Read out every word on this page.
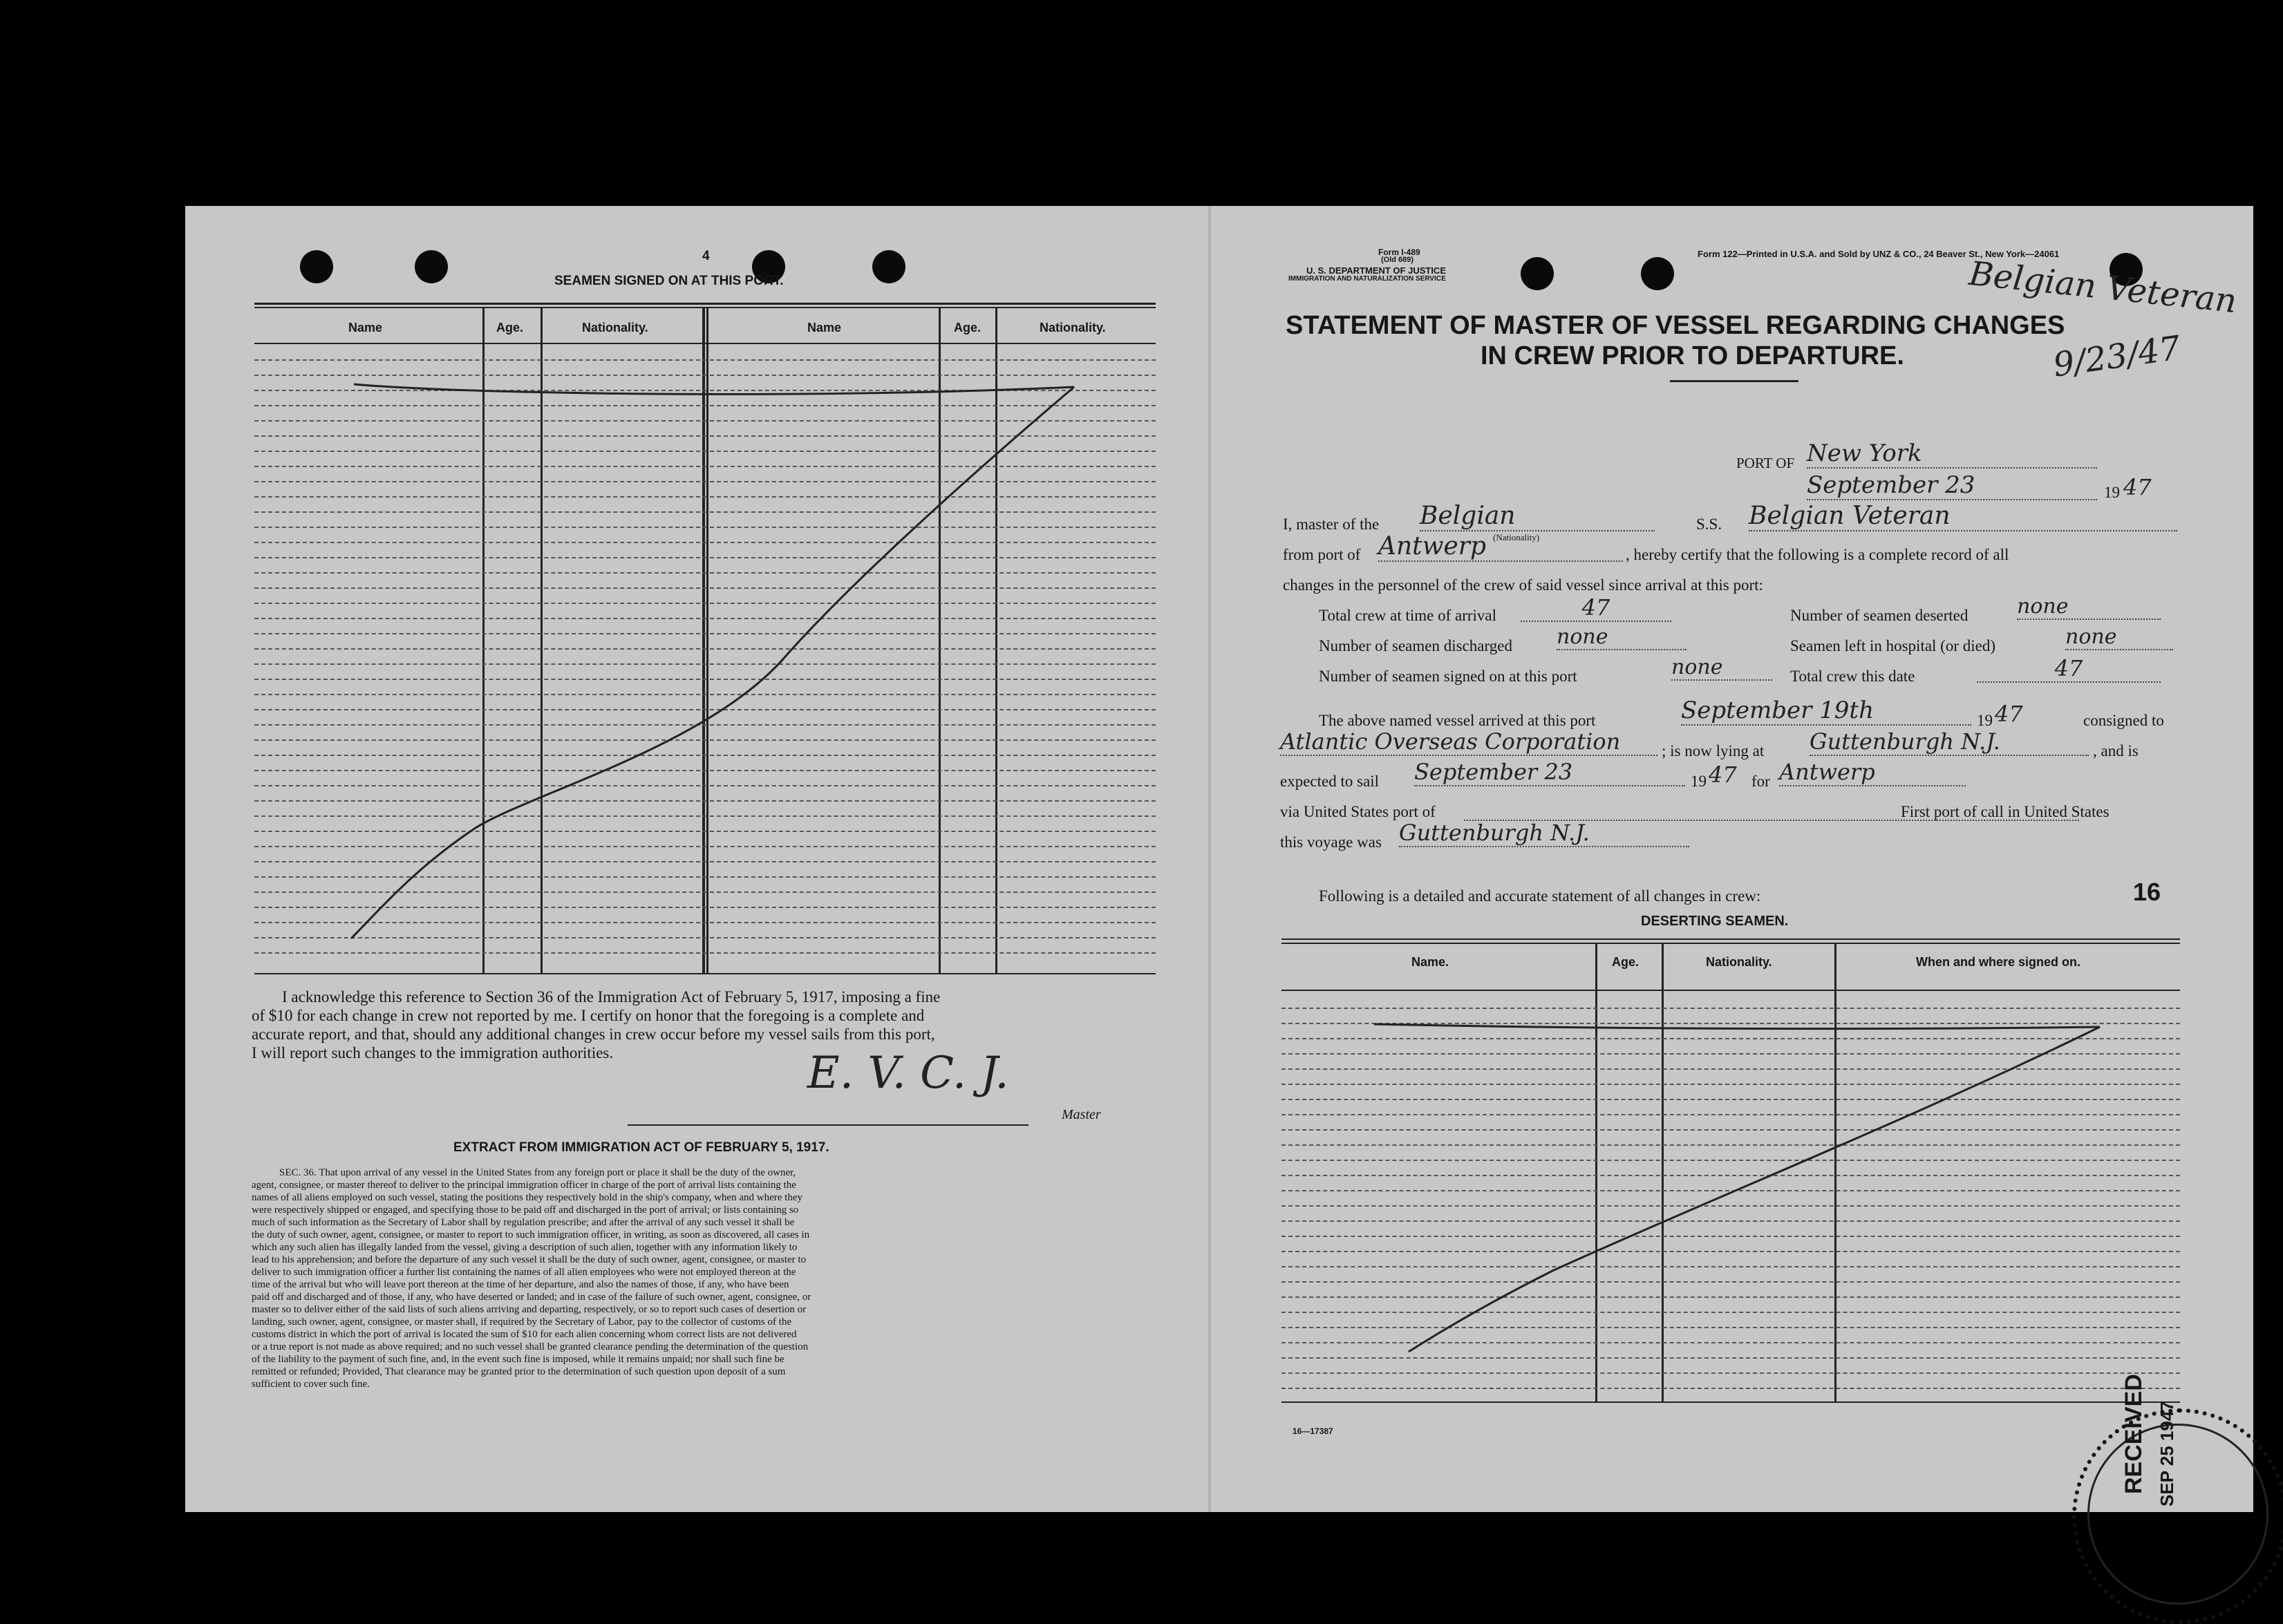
4
SEAMEN SIGNED ON AT THIS PORT.
Name	Age.	Nationality.	Name	Age.	Nationality.
I acknowledge this reference to Section 36 of the Immigration Act of February 5, 1917, imposing a fine
of $10 for each change in crew not reported by me. I certify on honor that the foregoing is a complete and
accurate report, and that, should any additional changes in crew occur before my vessel sails from this port,
I will report such changes to the immigration authorities.	E. V. C. J.
Master
EXTRACT FROM IMMIGRATION ACT OF FEBRUARY 5, 1917.
SEC. 36. That upon arrival of any vessel in the United States from any foreign port or place it shall be the duty of the owner,
agent, consignee, or master thereof to deliver to the principal immigration officer in charge of the port of arrival lists containing the
names of all aliens employed on such vessel, stating the positions they respectively hold in the ship's company, when and where they
were respectively shipped or engaged, and specifying those to be paid off and discharged in the port of arrival; or lists containing so
much of such information as the Secretary of Labor shall by regulation prescribe; and after the arrival of any such vessel it shall be
the duty of such owner, agent, consignee, or master to report to such immigration officer, in writing, as soon as discovered, all cases in
which any such alien has illegally landed from the vessel, giving a description of such alien, together with any information likely to
lead to his apprehension; and before the departure of any such vessel it shall be the duty of such owner, agent, consignee, or master to
deliver to such immigration officer a further list containing the names of all alien employees who were not employed thereon at the
time of the arrival but who will leave port thereon at the time of her departure, and also the names of those, if any, who have been
paid off and discharged and of those, if any, who have deserted or landed; and in case of the failure of such owner, agent, consignee, or
master so to deliver either of the said lists of such aliens arriving and departing, respectively, or so to report such cases of desertion or
landing, such owner, agent, consignee, or master shall, if required by the Secretary of Labor, pay to the collector of customs of the
customs district in which the port of arrival is located the sum of $10 for each alien concerning whom correct lists are not delivered
or a true report is not made as above required; and no such vessel shall be granted clearance pending the determination of the question
of the liability to the payment of such fine, and, in the event such fine is imposed, while it remains unpaid; nor shall such fine be
remitted or refunded; Provided, That clearance may be granted prior to the determination of such question upon deposit of a sum
sufficient to cover such fine.
Form I-489
(Old 689)
U. S. DEPARTMENT OF JUSTICE
IMMIGRATION AND NATURALIZATION SERVICE
Form 122—Printed in U.S.A. and Sold by UNZ & CO., 24 Beaver St., New York—24061
STATEMENT OF MASTER OF VESSEL REGARDING CHANGES
IN CREW PRIOR TO DEPARTURE.
Belgian Veteran
9/23/47
PORT OF New York
September 23	19 47
I, master of the Belgian
(Nationality)
S.S. Belgian Veteran
from port of Antwerp	, hereby certify that the following is a complete record of all
changes in the personnel of the crew of said vessel since arrival at this port:
Total crew at time of arrival	47	Number of seamen deserted none
Number of seamen discharged none	Seamen left in hospital (or died)	none
Number of seamen signed on at this port	none	Total crew this date	47
The above named vessel arrived at this port	September 19th	19 47	consigned to
Atlantic Overseas Corporation	; is now lying at Guttenburgh N.J.	, and is
expected to sail September 23	19 47 for Antwerp
via United States port of	First port of call in United States
this voyage was Guttenburgh N.J.
Following is a detailed and accurate statement of all changes in crew:	16
DESERTING SEAMEN.
Name.	Age.	Nationality.	When and where signed on.
RECEIVED SEP 25 1947
16—17387
